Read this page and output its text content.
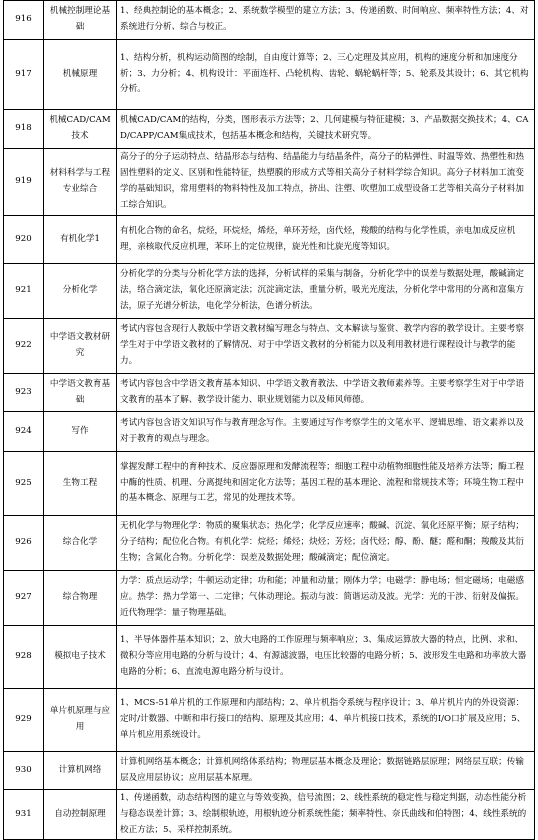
916	机械控制理论基础	1、经典控制论的基本概念；2、系统数学模型的建立方法；3、传递函数、时间响应、频率特性方法；4、对系统进行分析、综合与校正。
917	机械原理	1、结构分析，机构运动简图的绘制，自由度计算等；2、三心定理及其应用，机构的速度分析和加速度分析；3、力分析；4、机构设计：平面连杆、凸轮机构、齿轮、蜗轮蜗杆等；5、轮系及其设计；6、其它机构分析。
918	机械CAD/CAM技术	机械CAD/CAM的结构，分类，图形表示方法等；2、几何建模与特征建模；3、产品数据交换技术；4、CAD/CAPP/CAM集成技术，包括基本概念和结构，关键技术研究等。
919	材料科学与工程专业综合	高分子的分子运动特点、结晶形态与结构、结晶能力与结晶条件，高分子的粘弹性、时温等效、热塑性和热固性塑料的定义、区别和性能特征，热塑膜的形成方式等相关高分子材料学综合知识。高分子材料加工流变学的基础知识，常用塑料的物料特性及加工特点，挤出、注塑、吹塑加工成型设备工艺等相关高分子材料加工综合知识。
920	有机化学1	有机化合物的命名，烷烃，环烷烃，烯烃，单环芳烃，卤代烃，羧酸的结构与化学性质，亲电加成反应机理，亲核取代反应机理，苯环上的定位规律，旋光性和比旋光度等知识。
921	分析化学	分析化学的分类与分析化学方法的选择，分析试样的采集与制备，分析化学中的误差与数据处理，酸碱滴定法，络合滴定法，氧化还原滴定法；沉淀滴定法，重量分析，吸光光度法，分析化学中常用的分离和富集方法，原子光谱分析法，电化学分析法，色谱分析法。
922	中学语文教材研究	考试内容包含现行人教版中学语文教材编写理念与特点、文本解读与鉴赏、教学内容的教学设计。主要考察学生对于中学语文教材的了解情况、对于中学语文教材的分析能力以及利用教材进行课程设计与教学的能力。
923	中学语文教育基础	考试内容包含中学语文教育基本知识、中学语文教育教法、中学语文教师素养等。主要考察学生对于中学语文教育的基本了解、教学设计能力、职业规划能力以及师风师德。
924	写作	考试内容包含语文知识写作与教育理念写作。主要通过写作考察学生的文笔水平、逻辑思维、语文素养以及对于教育的观点与理念。
925	生物工程	掌握发酵工程中的育种技术、反应器原理和发酵流程等；细胞工程中动植物细胞性能及培养方法等；酶工程中酶的性质、机理、分离提纯和固定化方法等；基因工程的基本理论、流程和常规技术等；环境生物工程中的基本概念、原理与工艺，常见的处理技术等。
926	综合化学	无机化学与物理化学：物质的聚集状态；热化学；化学反应速率；酸碱、沉淀、氧化还原平衡；原子结构；分子结构；配位化合物。有机化学：烷烃；烯烃；炔烃；芳烃；卤代烃；醇、酚、醚；醛和酮；羧酸及其衍生物；含氮化合物。分析化学：误差及数据处理；酸碱滴定；配位滴定。
927	综合物理	力学：质点运动学；牛顿运动定律；功和能；冲量和动量；刚体力学；电磁学：静电场；恒定磁场；电磁感应。热学：热力学第一、二定律；气体动理论。振动与波：简谐运动及波。光学：光的干涉、衍射及偏振。近代物理学：量子物理基础。
928	模拟电子技术	1、半导体器件基本知识；2、放大电路的工作原理与频率响应；3、集成运算放大器的特点，比例、求和、微积分等应用电路的分析与设计；4、有源滤波器，电压比较器的电路分析；5、波形发生电路和功率放大器电路的分析；6、直流电源电路分析与设计。
929	单片机原理与应用	1、MCS-51单片机的工作原理和内部结构；2、单片机指令系统与程序设计；3、单片机片内的外设资源：定时/计数器、中断和串行接口的结构、原理及其应用；4、单片机接口技术，系统的I/O口扩展及应用；5、单片机应用系统设计。
930	计算机网络	计算机网络基本概念；计算机网络体系结构；物理层基本概念及理论；数据链路层原理；网络层互联；传输层及应用层协议；应用层基本原理。
931	自动控制原理	1、传递函数，动态结构图的建立与等效变换，信号流图；2、线性系统的稳定性与稳定判据，动态性能分析与稳态误差计算；3、绘制根轨迹，用根轨迹分析系统性能；频率特性、奈氏曲线和伯特图；4、线性系统的校正方法；5、采样控制系统。
